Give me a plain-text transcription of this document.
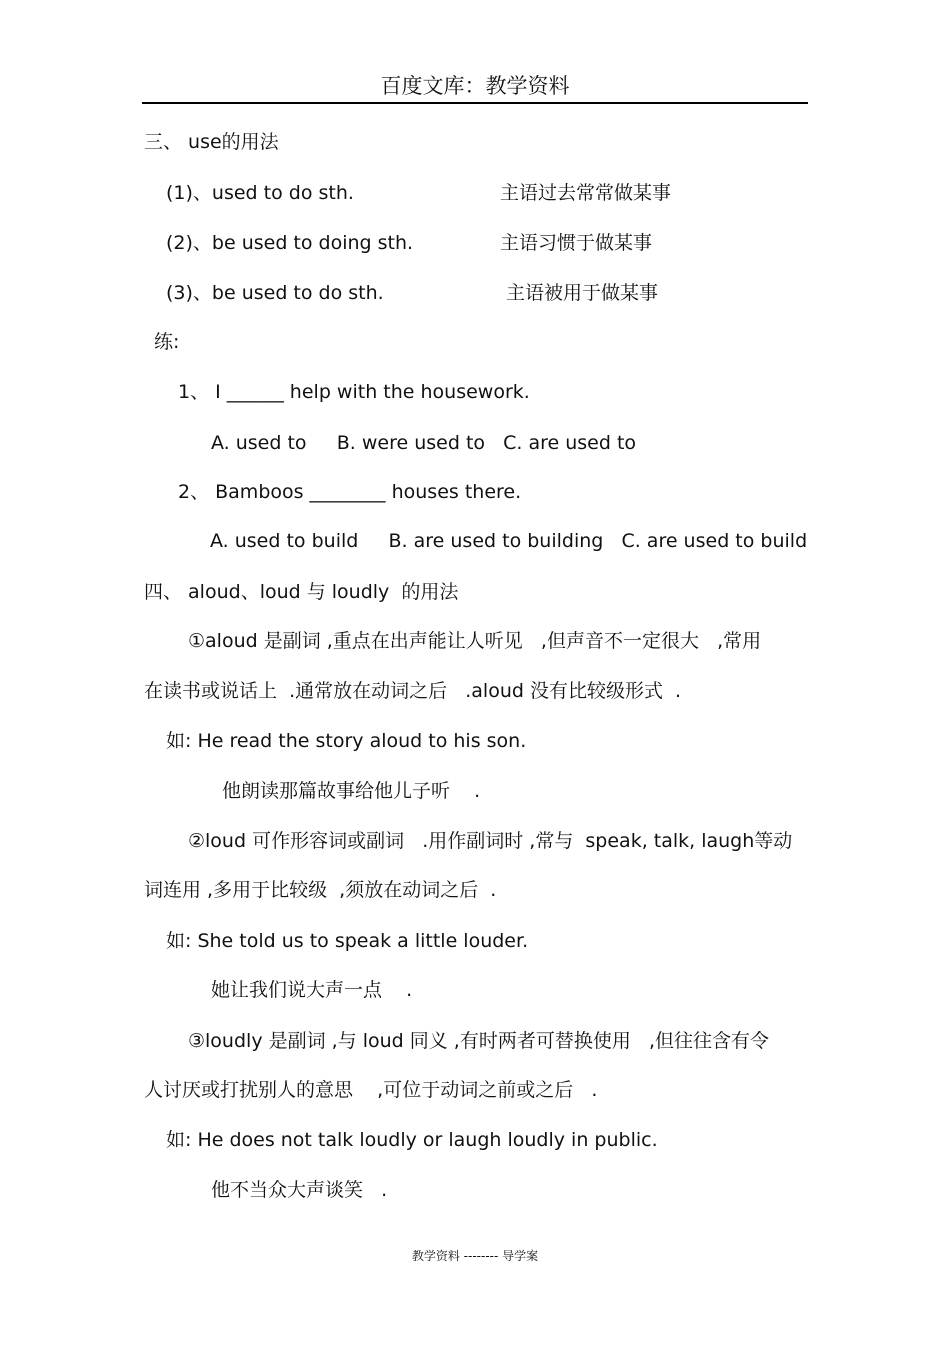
百度文库：教学资料
三、 use的用法
(1)、used to do sth.	主语过去常常做某事
(2)、be used to doing sth.	主语习惯于做某事
(3)、be used to do sth.	主语被用于做某事
练:
1、 I ______ help with the housework.
A. used to     B. were used to   C. are used to
2、 Bamboos ________ houses there.
A. used to build     B. are used to building   C. are used to build
四、 aloud、loud 与 loudly  的用法
①aloud 是副词 ,重点在出声能让人听见   ,但声音不一定很大   ,常用
在读书或说话上  .通常放在动词之后   .aloud 没有比较级形式  .
如: He read the story aloud to his son.
他朗读那篇故事给他儿子听    .
②loud 可作形容词或副词   .用作副词时 ,常与  speak, talk, laugh等动
词连用 ,多用于比较级  ,须放在动词之后  .
如: She told us to speak a little louder.
她让我们说大声一点    .
③loudly 是副词 ,与 loud 同义 ,有时两者可替换使用   ,但往往含有令
人讨厌或打扰别人的意思    ,可位于动词之前或之后   .
如: He does not talk loudly or laugh loudly in public.
他不当众大声谈笑   .
教学资料 -------- 导学案
